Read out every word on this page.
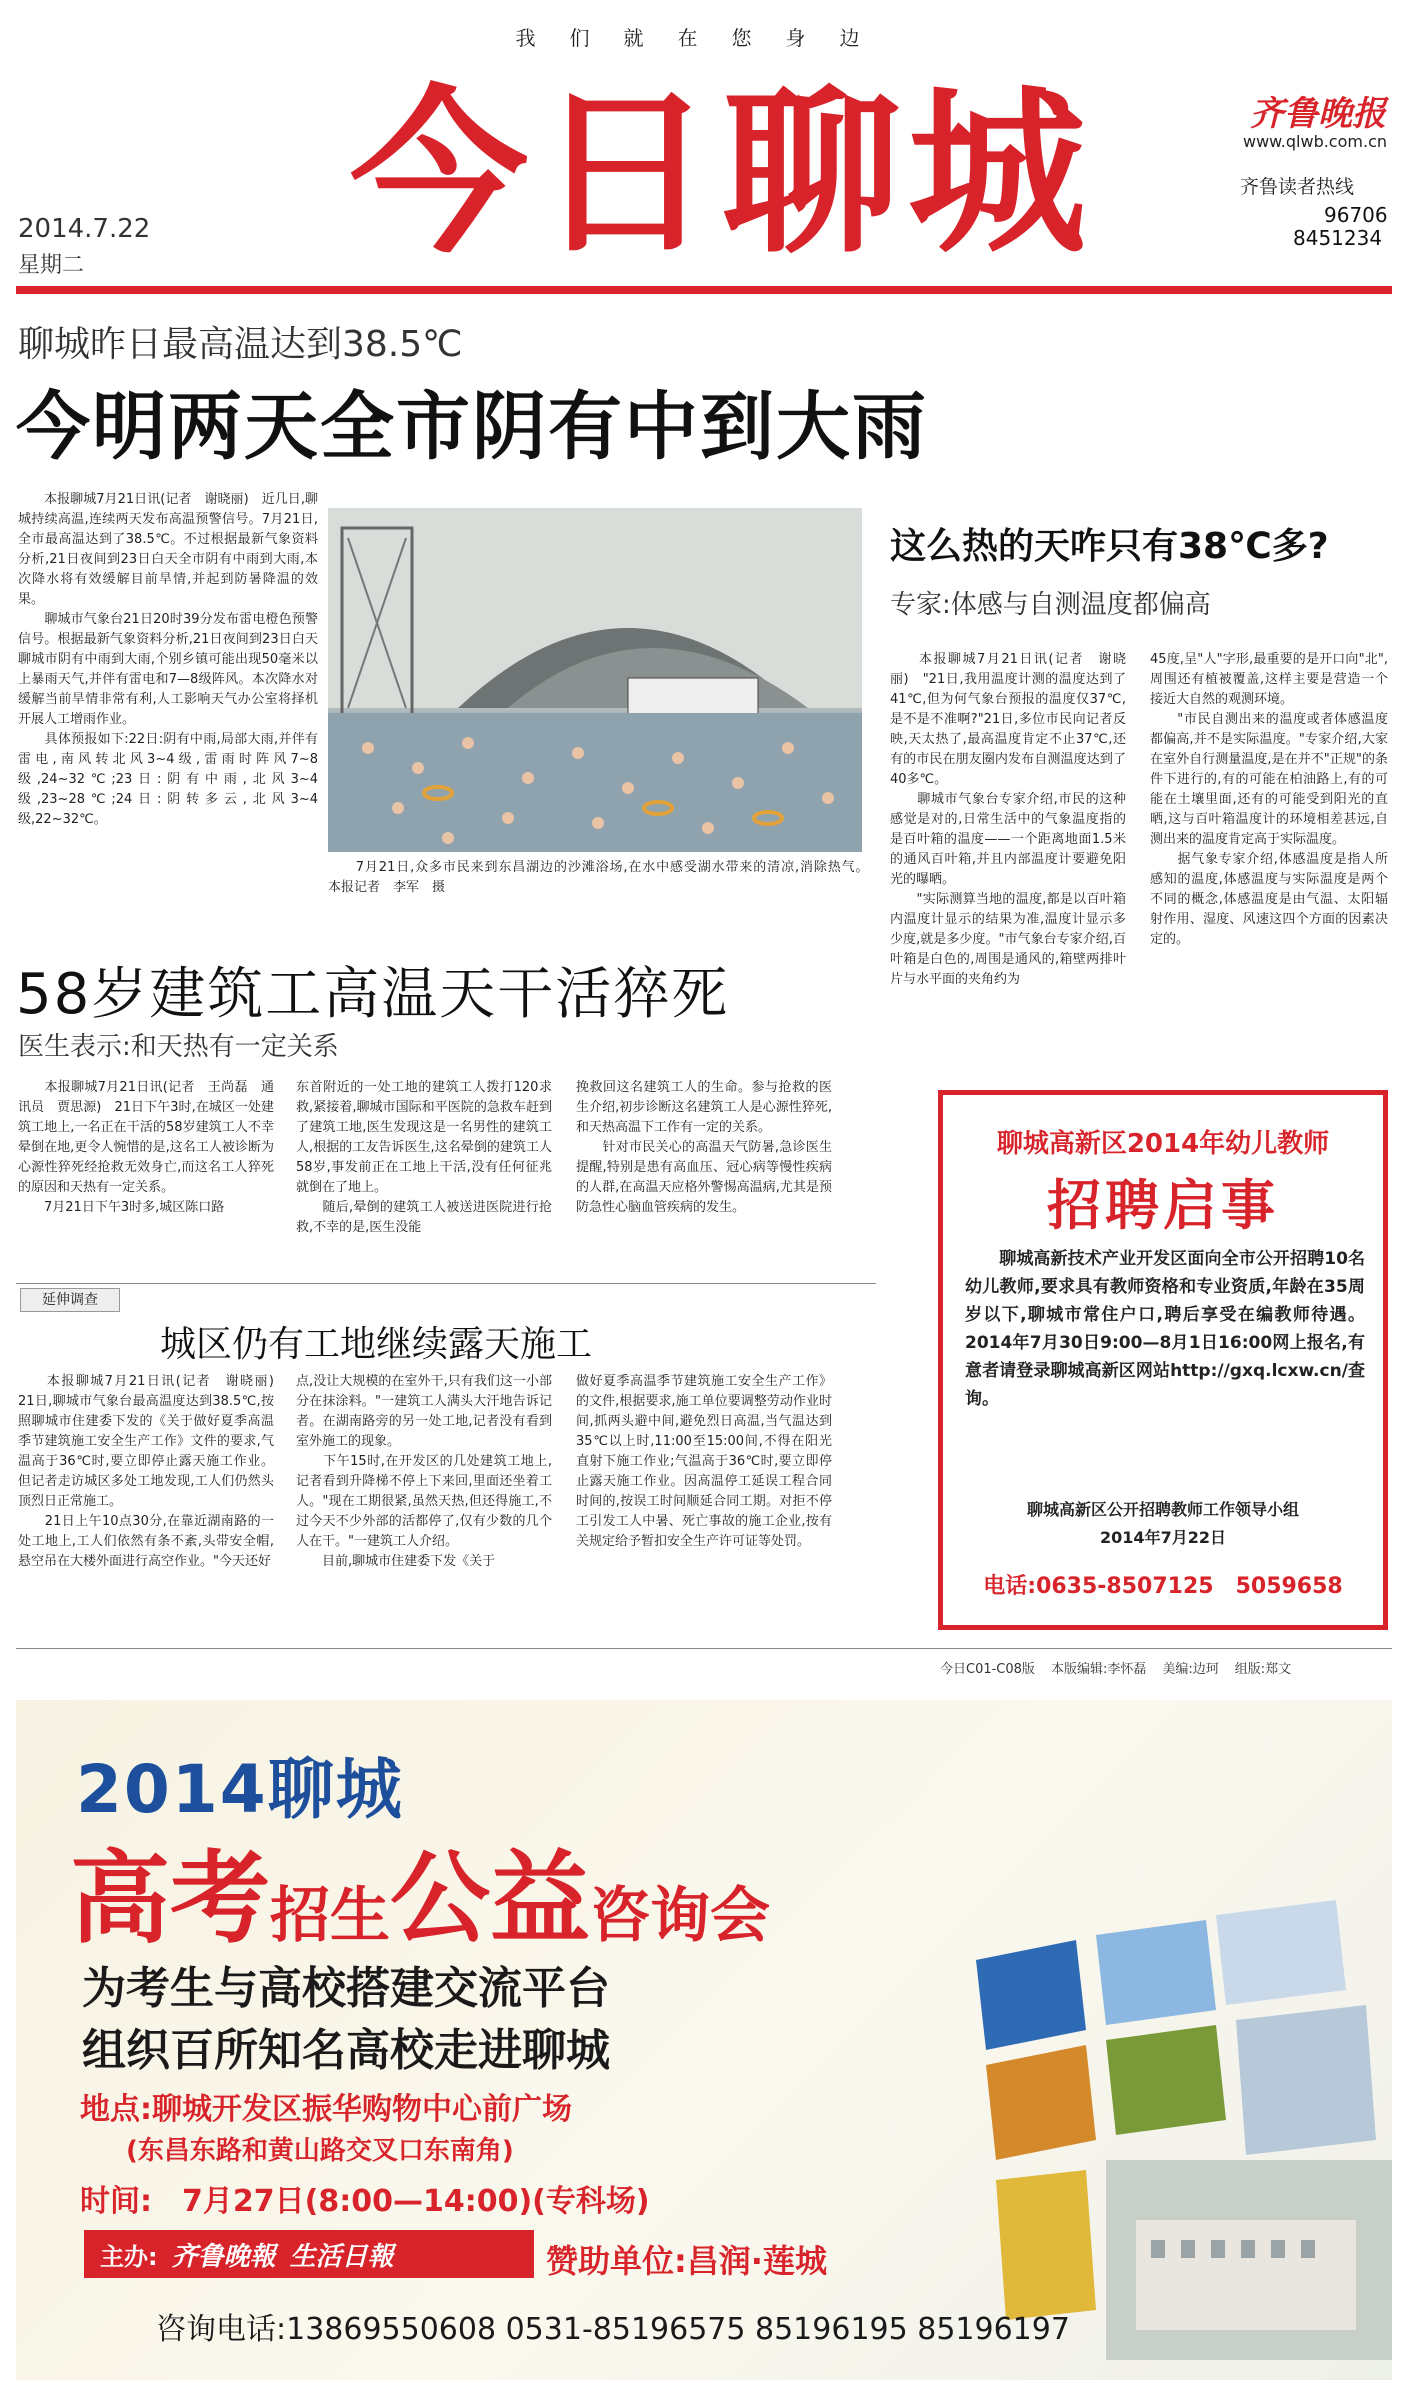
我们就在您身边
今日聊城
2014.7.22
星期二
齐鲁晚报
www.qlwb.com.cn
齐鲁读者热线
96706
8451234
聊城昨日最高温达到38.5℃
今明两天全市阴有中到大雨
　　本报聊城7月21日讯(记者　谢晓丽)　近几日,聊城持续高温,连续两天发布高温预警信号。7月21日,全市最高温达到了38.5℃。不过根据最新气象资料分析,21日夜间到23日白天全市阴有中雨到大雨,本次降水将有效缓解目前旱情,并起到防暑降温的效果。
　　聊城市气象台21日20时39分发布雷电橙色预警信号。根据最新气象资料分析,21日夜间到23日白天聊城市阴有中雨到大雨,个别乡镇可能出现50毫米以上暴雨天气,并伴有雷电和7—8级阵风。本次降水对缓解当前旱情非常有利,人工影响天气办公室将择机开展人工增雨作业。
　　具体预报如下:22日:阴有中雨,局部大雨,并伴有雷电,南风转北风3~4级,雷雨时阵风7~8级,24~32℃;23日:阴有中雨,北风3~4级,23~28℃;24日:阴转多云,北风3~4级,22~32℃。
　　7月21日,众多市民来到东昌湖边的沙滩浴场,在水中感受湖水带来的清凉,消除热气。　　　　本报记者　李军　摄
这么热的天咋只有38℃多?
专家:体感与自测温度都偏高
　　本报聊城7月21日讯(记者　谢晓丽)　"21日,我用温度计测的温度达到了41℃,但为何气象台预报的温度仅37℃,是不是不准啊?"21日,多位市民向记者反映,天太热了,最高温度肯定不止37℃,还有的市民在朋友圈内发布自测温度达到了40多℃。
　　聊城市气象台专家介绍,市民的这种感觉是对的,日常生活中的气象温度指的是百叶箱的温度——一个距离地面1.5米的通风百叶箱,并且内部温度计要避免阳光的曝晒。
　　"实际测算当地的温度,都是以百叶箱内温度计显示的结果为准,温度计显示多少度,就是多少度。"市气象台专家介绍,百叶箱是白色的,周围是通风的,箱壁两排叶片与水平面的夹角约为
45度,呈"人"字形,最重要的是开口向"北",周围还有植被覆盖,这样主要是营造一个接近大自然的观测环境。
　　"市民自测出来的温度或者体感温度都偏高,并不是实际温度。"专家介绍,大家在室外自行测量温度,是在并不"正规"的条件下进行的,有的可能在柏油路上,有的可能在土壤里面,还有的可能受到阳光的直晒,这与百叶箱温度计的环境相差甚远,自测出来的温度肯定高于实际温度。
　　据气象专家介绍,体感温度是指人所感知的温度,体感温度与实际温度是两个不同的概念,体感温度是由气温、太阳辐射作用、湿度、风速这四个方面的因素决定的。
58岁建筑工高温天干活猝死
医生表示:和天热有一定关系
　　本报聊城7月21日讯(记者　王尚磊　通讯员　贾思源)　21日下午3时,在城区一处建筑工地上,一名正在干活的58岁建筑工人不幸晕倒在地,更令人惋惜的是,这名工人被诊断为心源性猝死经抢救无效身亡,而这名工人猝死的原因和天热有一定关系。
　　7月21日下午3时多,城区陈口路
东首附近的一处工地的建筑工人拨打120求救,紧接着,聊城市国际和平医院的急救车赶到了建筑工地,医生发现这是一名男性的建筑工人,根据的工友告诉医生,这名晕倒的建筑工人58岁,事发前正在工地上干活,没有任何征兆就倒在了地上。
　　随后,晕倒的建筑工人被送进医院进行抢救,不幸的是,医生没能
挽救回这名建筑工人的生命。参与抢救的医生介绍,初步诊断这名建筑工人是心源性猝死,和天热高温下工作有一定的关系。
　　针对市民关心的高温天气防暑,急诊医生提醒,特别是患有高血压、冠心病等慢性疾病的人群,在高温天应格外警惕高温病,尤其是预防急性心脑血管疾病的发生。
延伸调查
城区仍有工地继续露天施工
　　本报聊城7月21日讯(记者　谢晓丽)　21日,聊城市气象台最高温度达到38.5℃,按照聊城市住建委下发的《关于做好夏季高温季节建筑施工安全生产工作》文件的要求,气温高于36℃时,要立即停止露天施工作业。但记者走访城区多处工地发现,工人们仍然头顶烈日正常施工。
　　21日上午10点30分,在靠近湖南路的一处工地上,工人们依然有条不紊,头带安全帽,悬空吊在大楼外面进行高空作业。"今天还好
点,没让大规模的在室外干,只有我们这一小部分在抹涂料。"一建筑工人满头大汗地告诉记者。在湖南路旁的另一处工地,记者没有看到室外施工的现象。
　　下午15时,在开发区的几处建筑工地上,记者看到升降梯不停上下来回,里面还坐着工人。"现在工期很紧,虽然天热,但还得施工,不过今天不少外部的活都停了,仅有少数的几个人在干。"一建筑工人介绍。
　　目前,聊城市住建委下发《关于
做好夏季高温季节建筑施工安全生产工作》的文件,根据要求,施工单位要调整劳动作业时间,抓两头避中间,避免烈日高温,当气温达到35℃以上时,11:00至15:00间,不得在阳光直射下施工作业;气温高于36℃时,要立即停止露天施工作业。因高温停工延误工程合同时间的,按误工时间顺延合同工期。对拒不停工引发工人中暑、死亡事故的施工企业,按有关规定给予暂扣安全生产许可证等处罚。
聊城高新区2014年幼儿教师
招聘启事
　　聊城高新技术产业开发区面向全市公开招聘10名幼儿教师,要求具有教师资格和专业资质,年龄在35周岁以下,聊城市常住户口,聘后享受在编教师待遇。2014年7月30日9:00—8月1日16:00网上报名,有意者请登录聊城高新区网站http://gxq.lcxw.cn/查询。
聊城高新区公开招聘教师工作领导小组
2014年7月22日
电话:0635-8507125　5059658
今日C01-C08版 本版编辑:李怀磊 美编:边珂 组版:郑文
2014聊城
高考 招生 公益 咨询会
为考生与高校搭建交流平台
组织百所知名高校走进聊城
地点:聊城开发区振华购物中心前广场
(东昌东路和黄山路交叉口东南角)
时间:　7月27日(8:00—14:00)(专科场)
主办: 齐鲁晚報 生活日報	赞助单位:昌润·莲城
咨询电话:13869550608 0531-85196575 85196195 85196197
